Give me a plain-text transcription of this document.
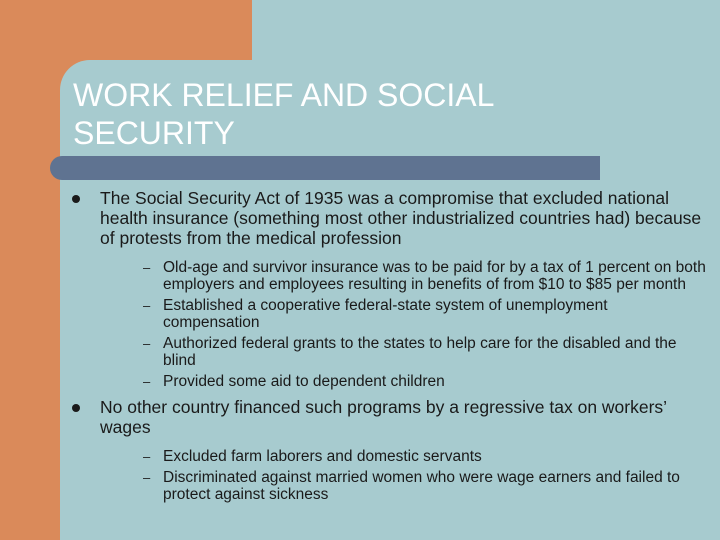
WORK RELIEF AND SOCIAL
SECURITY
The Social Security Act of 1935 was a compromise that excluded national health insurance (something most other industrialized countries had) because of protests from the medical profession
– Old-age and survivor insurance was to be paid for by a tax of 1 percent on both employers and employees resulting in benefits of from $10 to $85 per month
– Established a cooperative federal-state system of unemployment compensation
– Authorized federal grants to the states to help care for the disabled and the blind
– Provided some aid to dependent children
No other country financed such programs by a regressive tax on workers’ wages
– Excluded farm laborers and domestic servants
– Discriminated against married women who were wage earners and failed to protect against sickness
